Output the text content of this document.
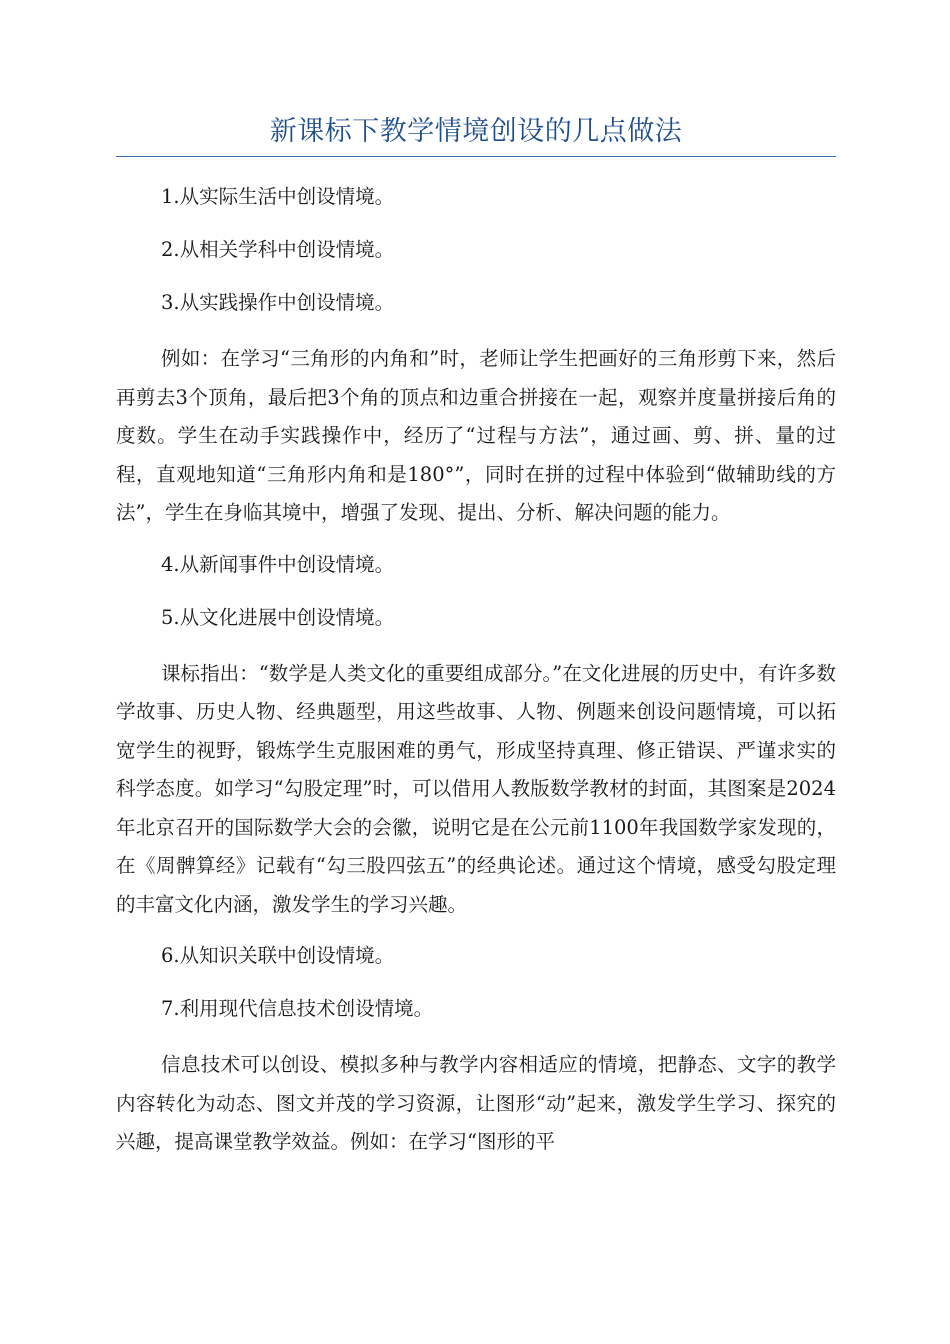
新课标下教学情境创设的几点做法

1.从实际生活中创设情境。

2.从相关学科中创设情境。

3.从实践操作中创设情境。

例如：在学习“三角形的内角和”时，老师让学生把画好的三角形剪下来，然后再剪去3个顶角，最后把3个角的顶点和边重合拼接在一起，观察并度量拼接后角的度数。学生在动手实践操作中，经历了“过程与方法”，通过画、剪、拼、量的过程，直观地知道“三角形内角和是180°”，同时在拼的过程中体验到“做辅助线的方法”，学生在身临其境中，增强了发现、提出、分析、解决问题的能力。

4.从新闻事件中创设情境。

5.从文化进展中创设情境。

课标指出：“数学是人类文化的重要组成部分。”在文化进展的历史中，有许多数学故事、历史人物、经典题型，用这些故事、人物、例题来创设问题情境，可以拓宽学生的视野，锻炼学生克服困难的勇气，形成坚持真理、修正错误、严谨求实的科学态度。如学习“勾股定理”时，可以借用人教版数学教材的封面，其图案是2024年北京召开的国际数学大会的会徽，说明它是在公元前1100年我国数学家发现的，在《周髀算经》记载有“勾三股四弦五”的经典论述。通过这个情境，感受勾股定理的丰富文化内涵，激发学生的学习兴趣。

6.从知识关联中创设情境。

7.利用现代信息技术创设情境。

信息技术可以创设、模拟多种与教学内容相适应的情境，把静态、文字的教学内容转化为动态、图文并茂的学习资源，让图形“动”起来，激发学生学习、探究的兴趣，提高课堂教学效益。例如：在学习“图形的平
